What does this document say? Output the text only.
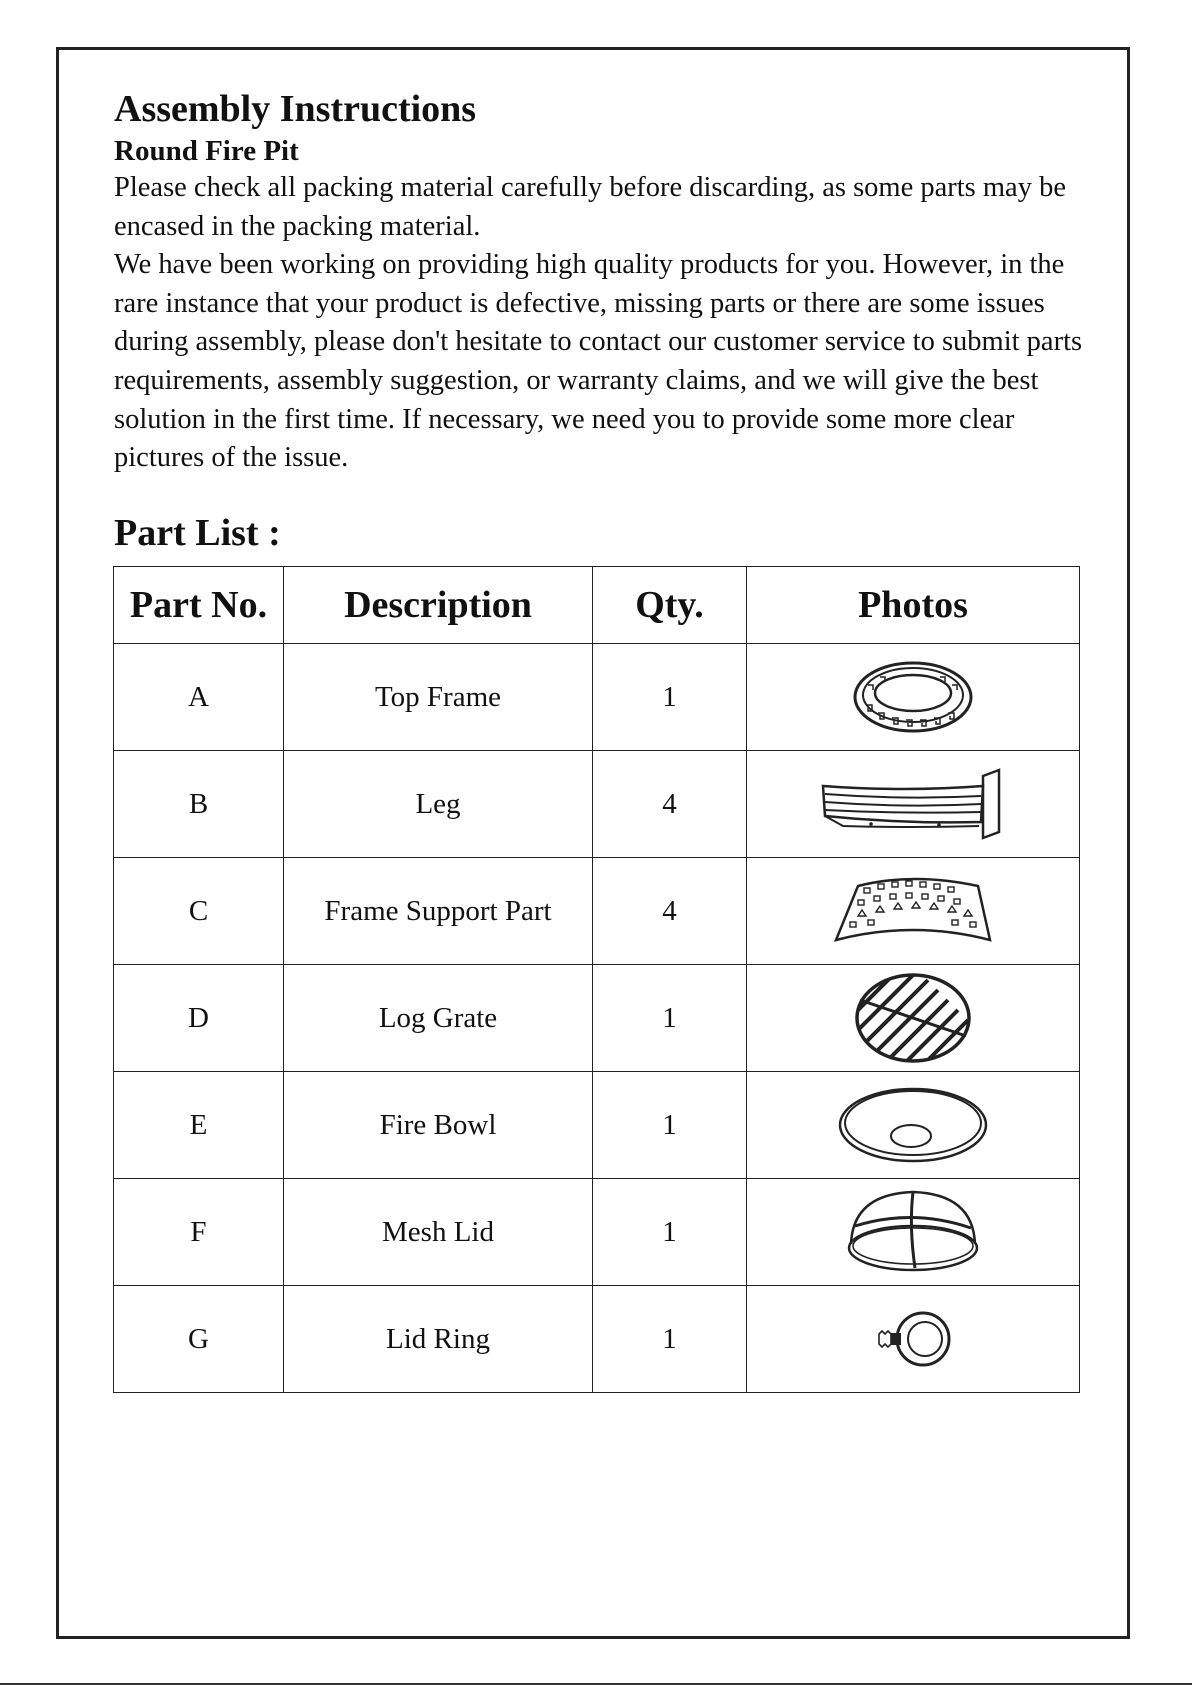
Assembly Instructions
Round Fire Pit

Please check all packing material carefully before discarding, as some parts may be encased in the packing material.

We have been working on providing high quality products for you. However, in the rare instance that your product is defective, missing parts or there are some issues during assembly, please don't hesitate to contact our customer service to submit parts requirements, assembly suggestion, or warranty claims, and we will give the best solution in the first time. If necessary, we need you to provide some more clear pictures of the issue.

Part List :
Part No.	Description	Qty.	Photos
A	Top Frame	1	

B	Leg	4	

C	Frame Support Part	4	

D	Log Grate	1	

E	Fire Bowl	1	

F	Mesh Lid	1	

G	Lid Ring	1	
